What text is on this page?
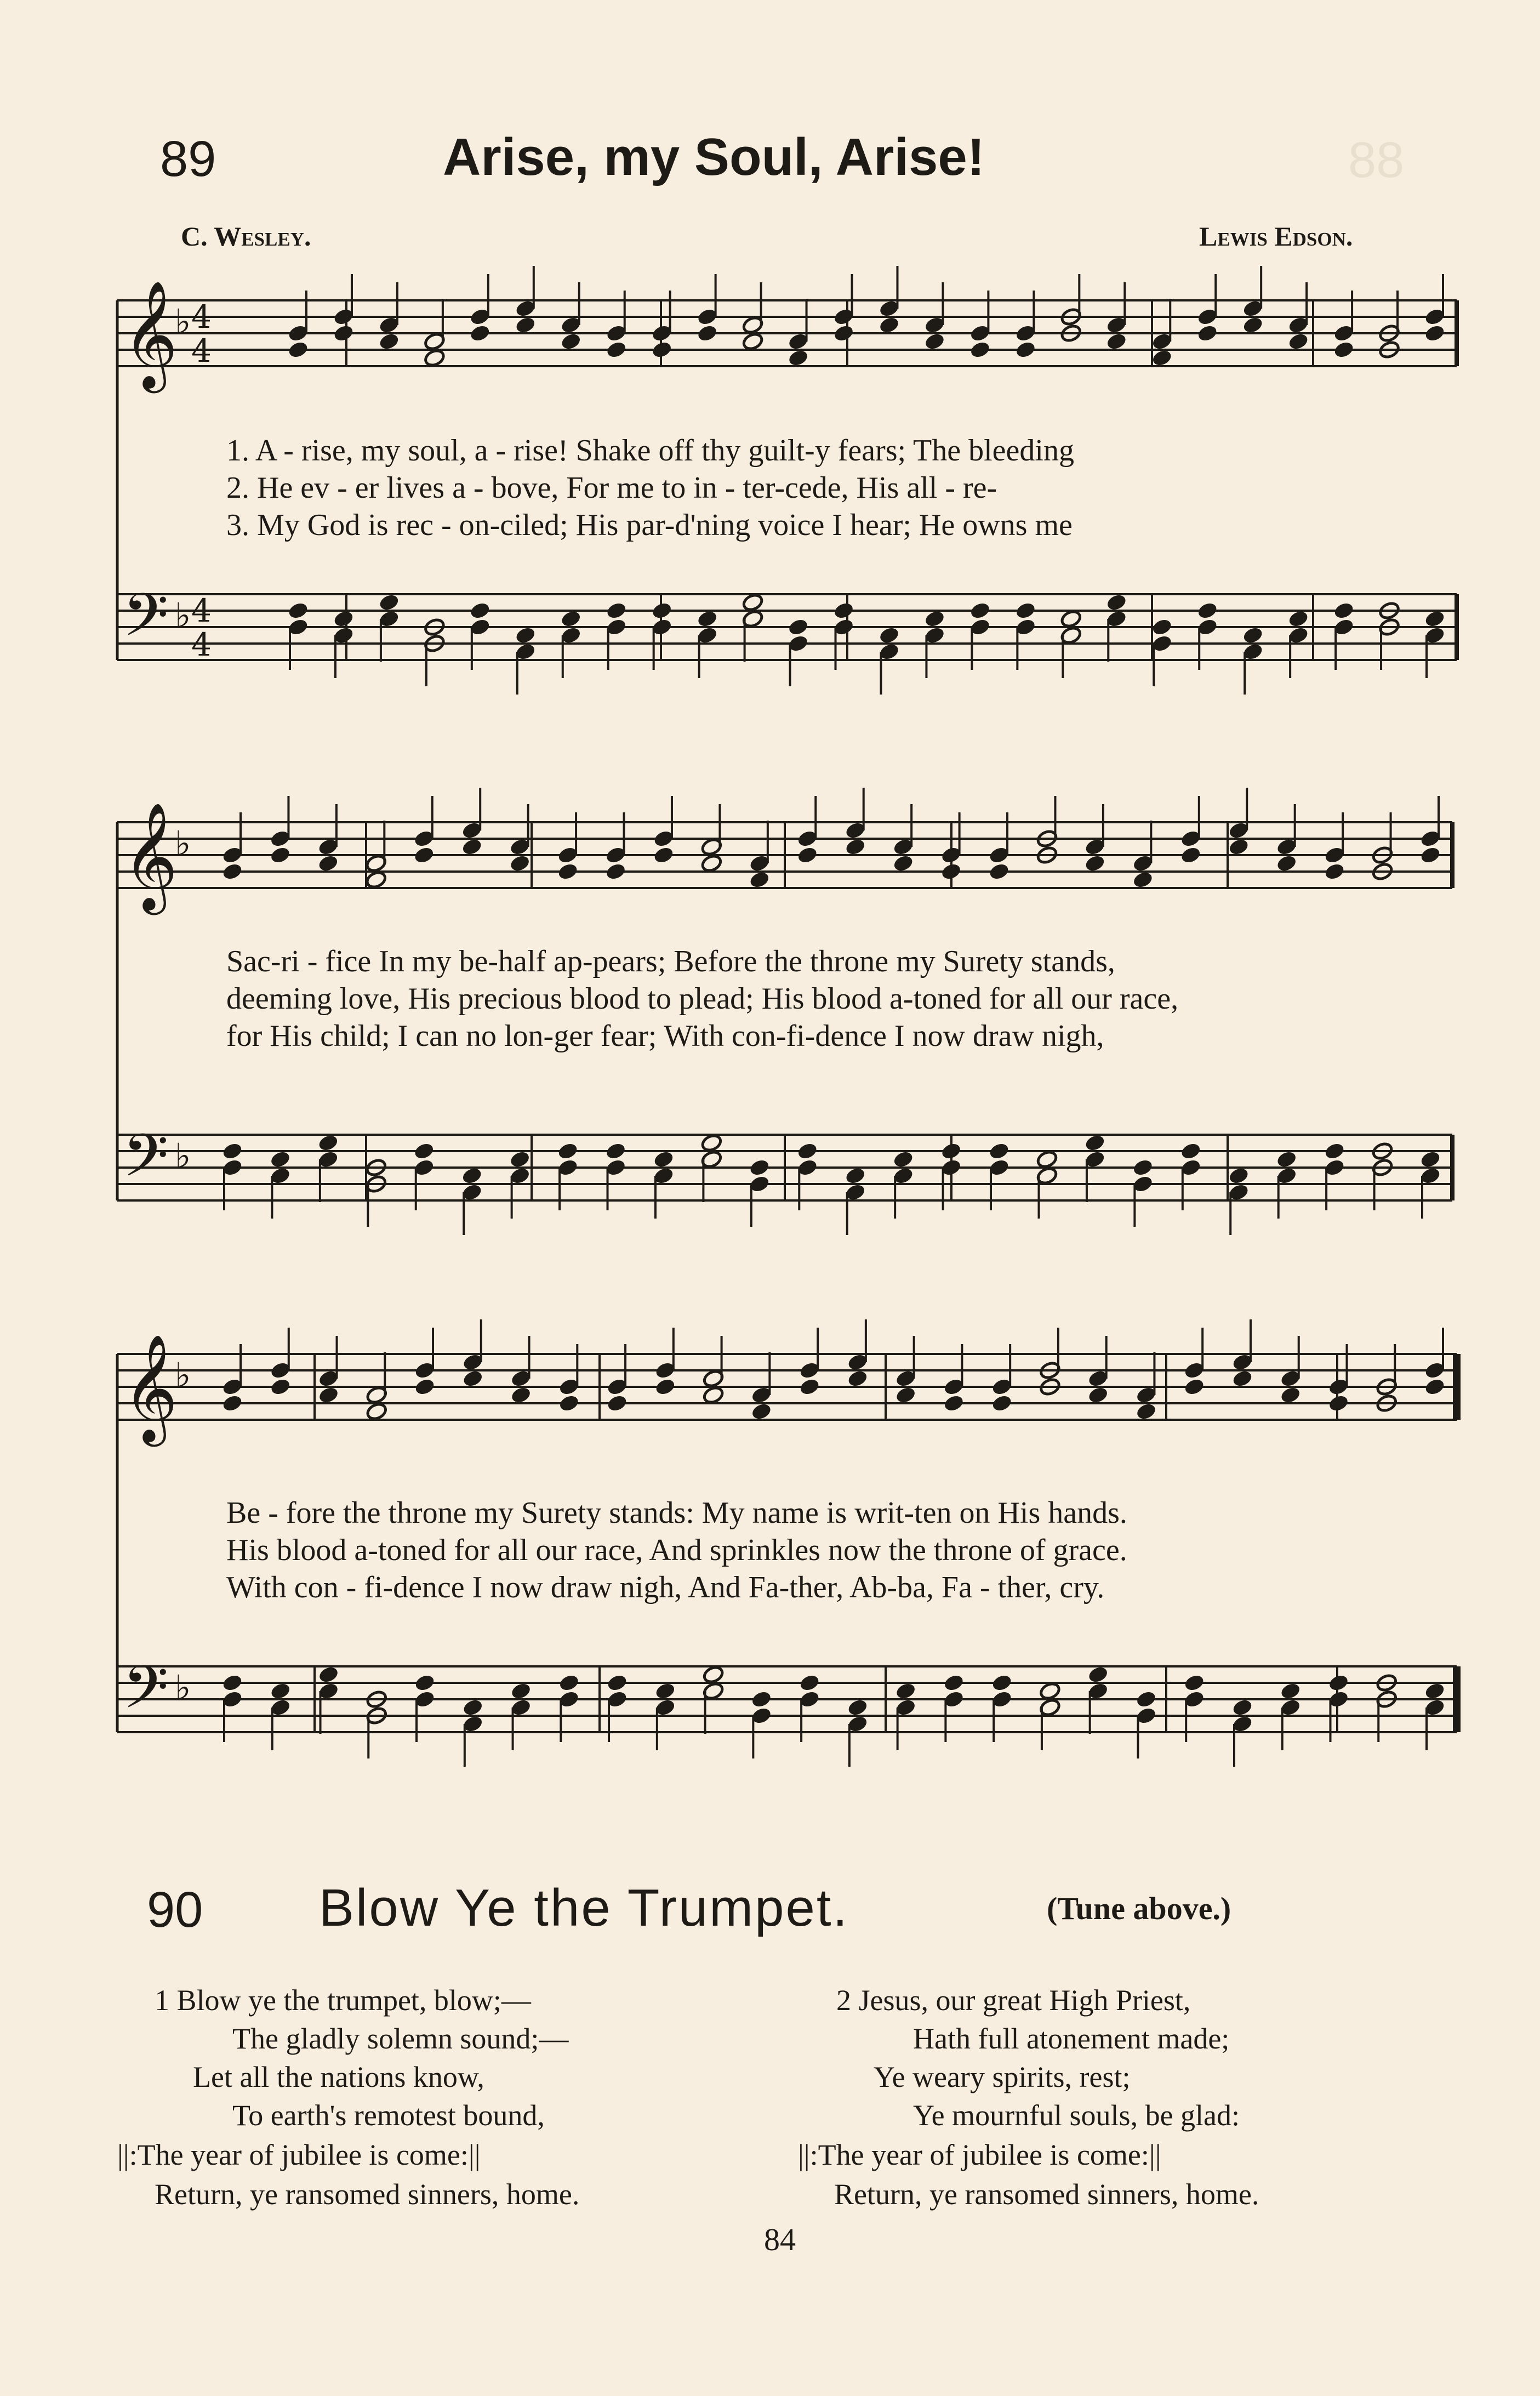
88
89	Arise, my Soul, Arise!
C. Wesley.	Lewis Edson.
𝄞
♭ 4
4
𝄢 ♭ 4
4
𝄞
♭
𝄢 ♭
𝄞
♭
𝄢 ♭
1. A - rise, my soul, a - rise! Shake off thy guilt-y fears; The bleeding
2. He ev - er lives a - bove, For me to in - ter-cede, His all - re-
3. My God is rec - on-ciled; His par-d'ning voice I hear; He owns me
Sac-ri - fice In my be-half ap-pears; Before the throne my Surety stands,
deeming love, His precious blood to plead; His blood a-toned for all our race,
for His child; I can no lon-ger fear; With con-fi-dence I now draw nigh,
Be - fore the throne my Surety stands: My name is writ-ten on His hands.
His blood a-toned for all our race, And sprinkles now the throne of grace.
With con - fi-dence I now draw nigh, And Fa-ther, Ab-ba, Fa - ther, cry.
90 Blow Ye the Trumpet.	(Tune above.)
1 Blow ye the trumpet, blow;—
The gladly solemn sound;—
Let all the nations know,
To earth's remotest bound,
||:The year of jubilee is come:||
Return, ye ransomed sinners, home.
2 Jesus, our great High Priest,
Hath full atonement made;
Ye weary spirits, rest;
Ye mournful souls, be glad:
||:The year of jubilee is come:||
Return, ye ransomed sinners, home.
84
